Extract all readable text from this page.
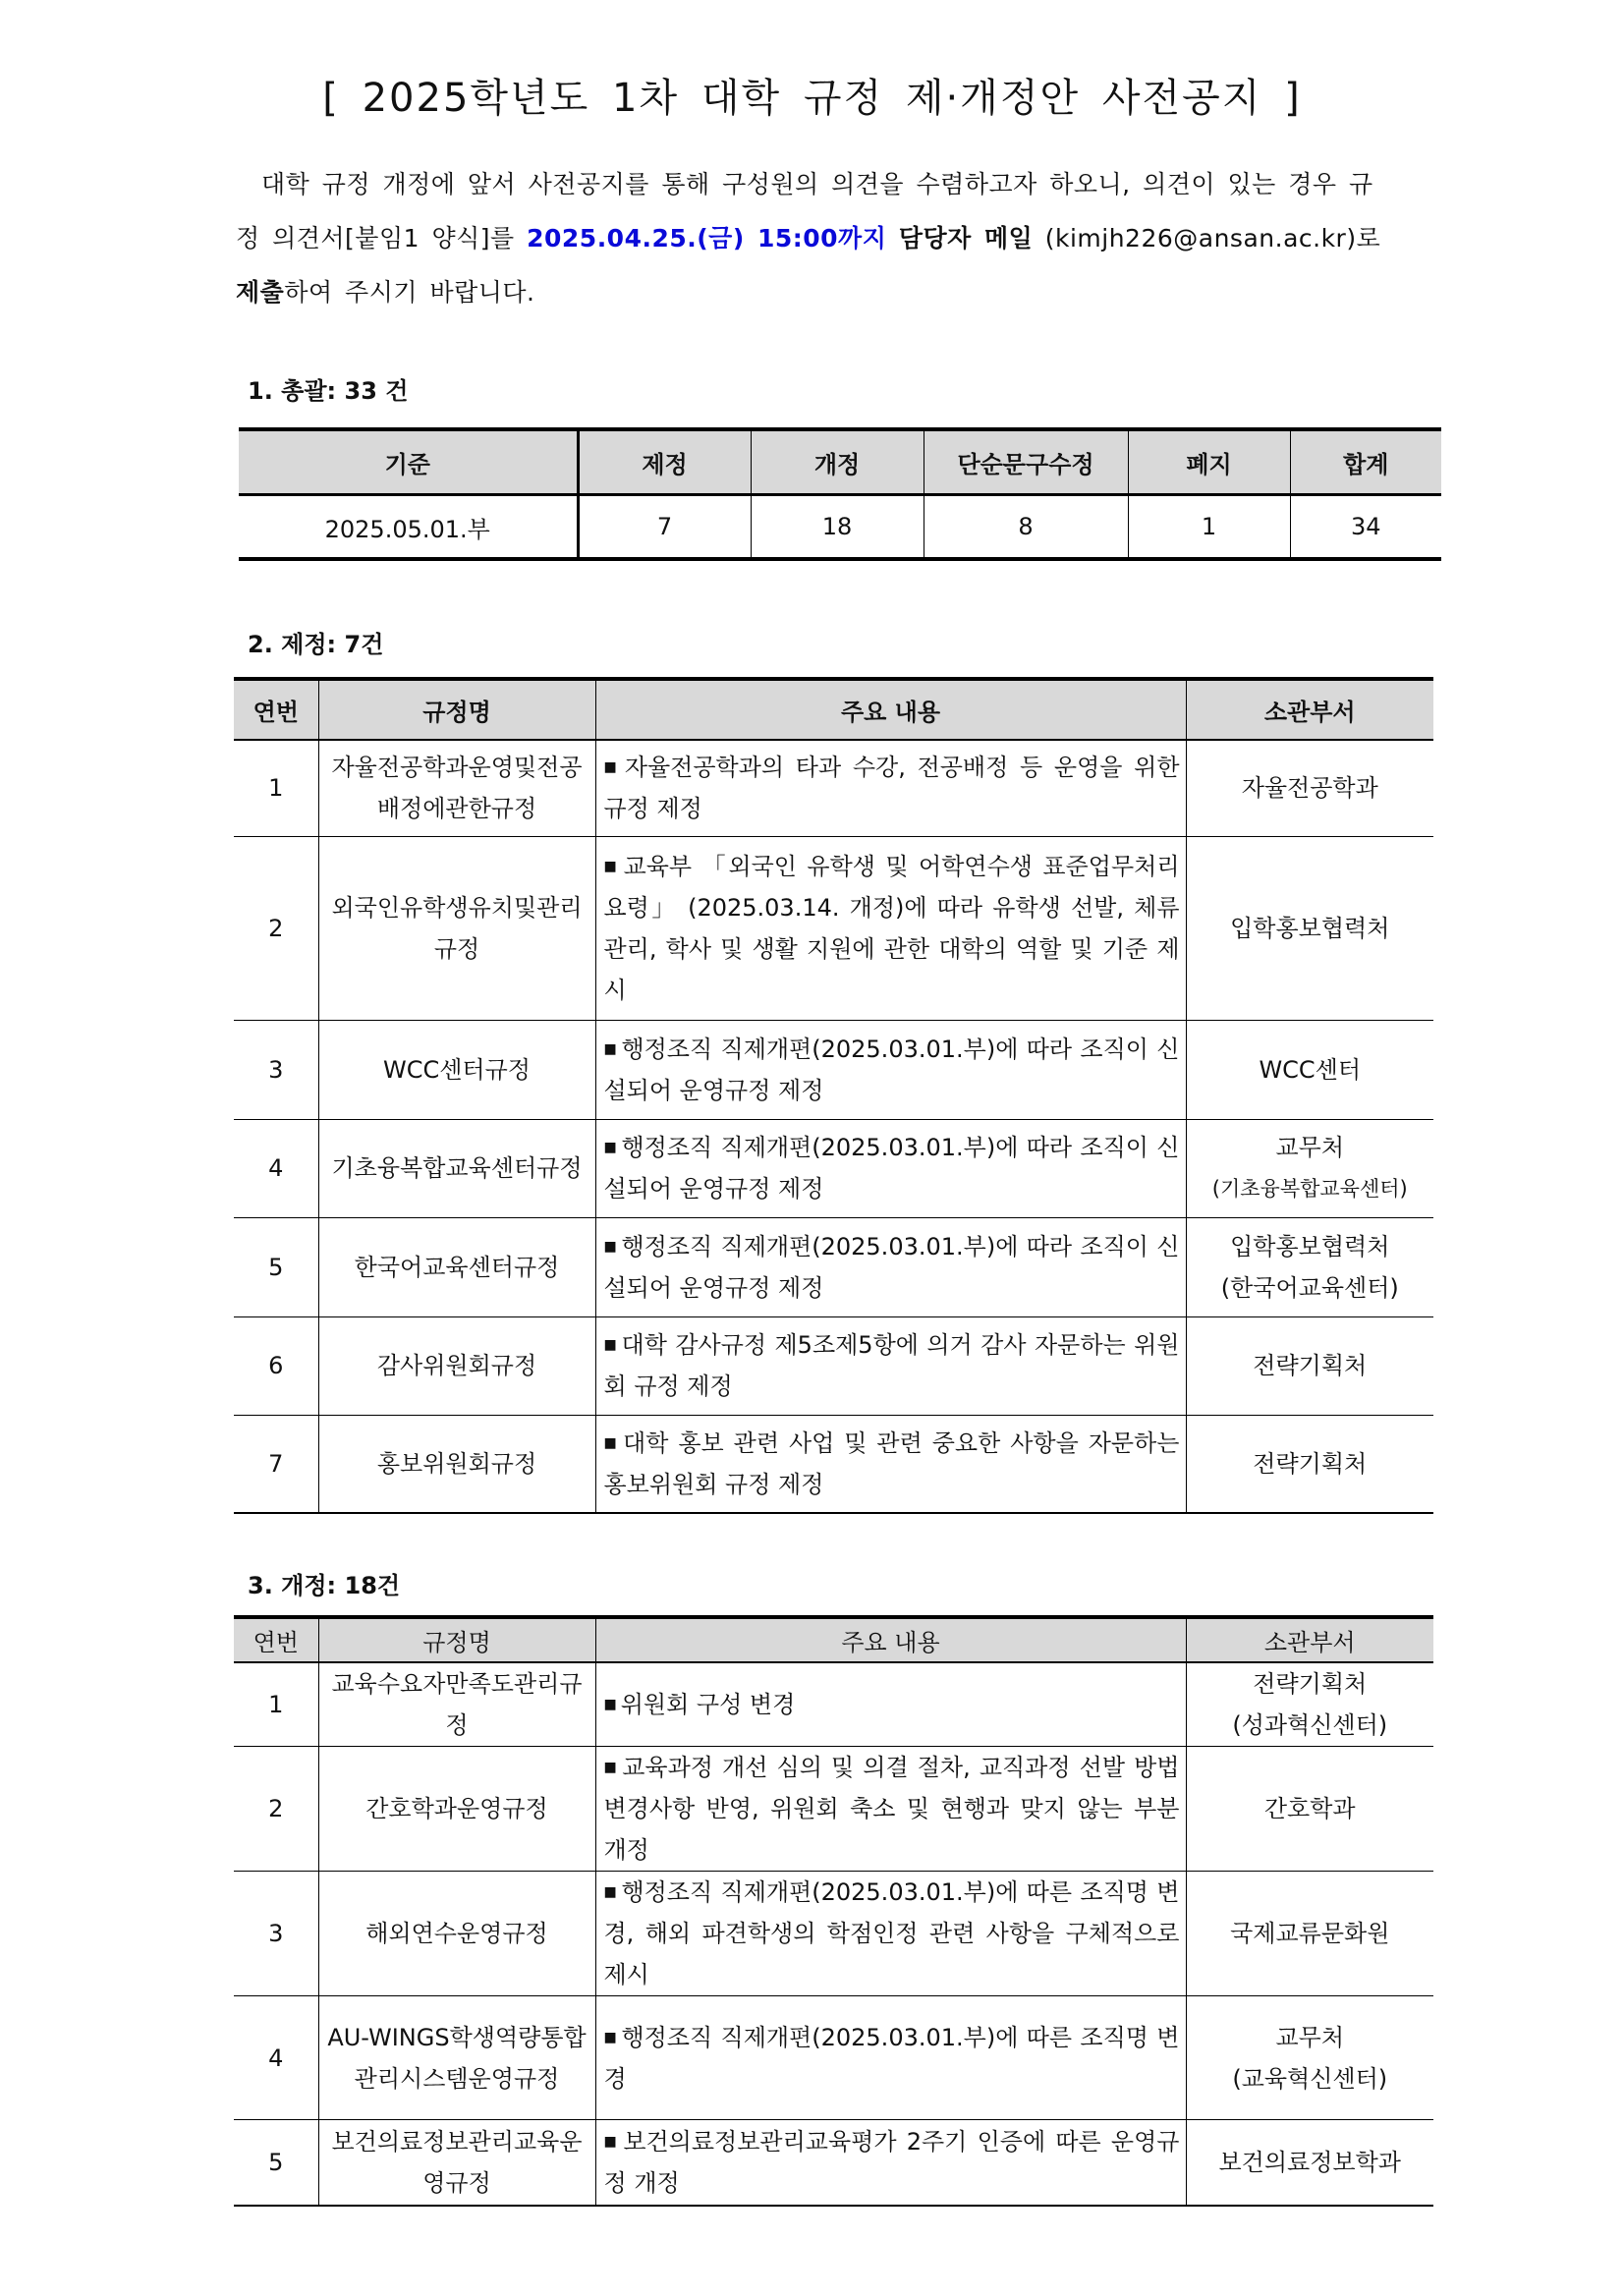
[ 2025학년도 1차 대학 규정 제·개정안 사전공지 ]
대학 규정 개정에 앞서 사전공지를 통해 구성원의 의견을 수렴하고자 하오니, 의견이 있는 경우 규정 의견서[붙임1 양식]를 2025.04.25.(금) 15:00까지 담당자 메일 (kimjh226@ansan.ac.kr)로 제출하여 주시기 바랍니다.
1. 총괄: 33 건
기준	제정	개정	단순문구수정	폐지	합계
2025.05.01.부	7	18	8	1	34
2. 제정: 7건
연번	규정명	주요 내용	소관부서
1	자율전공학과운영및전공배정에관한규정	■ 자율전공학과의 타과 수강, 전공배정 등 운영을 위한 규정 제정	자율전공학과

2	외국인유학생유치및관리규정	■ 교육부 「외국인 유학생 및 어학연수생 표준업무처리요령」 (2025.03.14. 개정)에 따라 유학생 선발, 체류 관리, 학사 및 생활 지원에 관한 대학의 역할 및 기준 제시	입학홍보협력처

3	WCC센터규정	■ 행정조직 직제개편(2025.03.01.부)에 따라 조직이 신설되어 운영규정 제정	WCC센터

4	기초융복합교육센터규정	■ 행정조직 직제개편(2025.03.01.부)에 따라 조직이 신설되어 운영규정 제정	교무처
(기초융복합교육센터)

5	한국어교육센터규정	■ 행정조직 직제개편(2025.03.01.부)에 따라 조직이 신설되어 운영규정 제정	입학홍보협력처
(한국어교육센터)

6	감사위원회규정	■ 대학 감사규정 제5조제5항에 의거 감사 자문하는 위원회 규정 제정	전략기획처

7	홍보위원회규정	■ 대학 홍보 관련 사업 및 관련 중요한 사항을 자문하는 홍보위원회 규정 제정	전략기획처
3. 개정: 18건
연번	규정명	주요 내용	소관부서
1	교육수요자만족도관리규정	■ 위원회 구성 변경	전략기획처
(성과혁신센터)

2	간호학과운영규정	■ 교육과정 개선 심의 및 의결 절차, 교직과정 선발 방법 변경사항 반영, 위원회 축소 및 현행과 맞지 않는 부분 개정	간호학과

3	해외연수운영규정	■ 행정조직 직제개편(2025.03.01.부)에 따른 조직명 변경, 해외 파견학생의 학점인정 관련 사항을 구체적으로 제시	국제교류문화원

4	AU-WINGS학생역량통합관리시스템운영규정	■ 행정조직 직제개편(2025.03.01.부)에 따른 조직명 변경	교무처
(교육혁신센터)

5	보건의료정보관리교육운영규정	■ 보건의료정보관리교육평가 2주기 인증에 따른 운영규정 개정	보건의료정보학과
